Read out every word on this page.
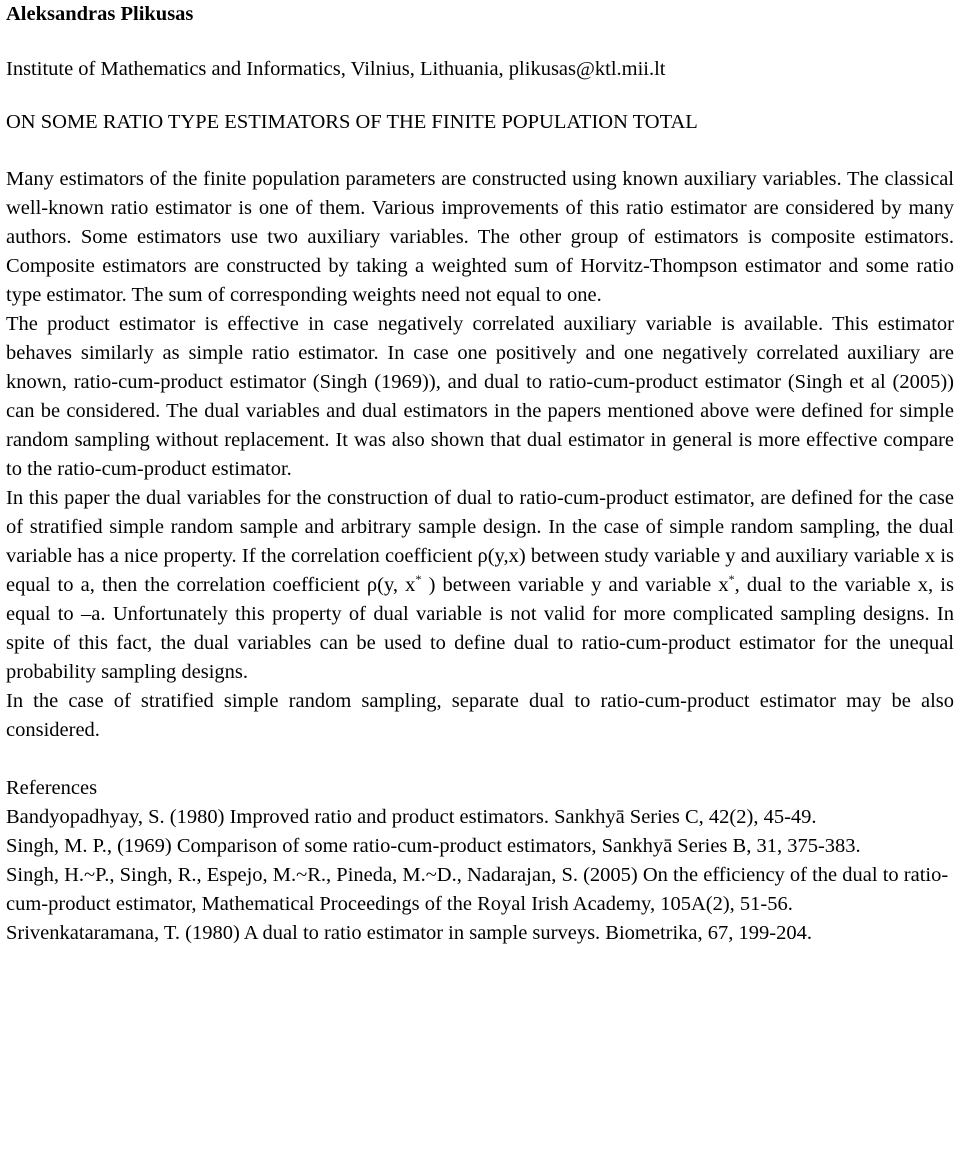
Aleksandras Plikusas
Institute of Mathematics and Informatics, Vilnius, Lithuania, plikusas@ktl.mii.lt
ON SOME RATIO TYPE ESTIMATORS OF THE FINITE POPULATION TOTAL

Many estimators of the finite population parameters are constructed using known auxiliary variables. The classical well-known ratio estimator is one of them. Various improvements of this ratio estimator are considered by many authors. Some estimators use two auxiliary variables. The other group of estimators is composite estimators. Composite estimators are constructed by taking a weighted sum of Horvitz-Thompson estimator and some ratio type estimator. The sum of corresponding weights need not equal to one.

The product estimator is effective in case negatively correlated auxiliary variable is available. This estimator behaves similarly as simple ratio estimator. In case one positively and one negatively correlated auxiliary are known, ratio-cum-product estimator (Singh (1969)), and dual to ratio-cum-product estimator (Singh et al (2005)) can be considered. The dual variables and dual estimators in the papers mentioned above were defined for simple random sampling without replacement. It was also shown that dual estimator in general is more effective compare to the ratio-cum-product estimator.

In this paper the dual variables for the construction of dual to ratio-cum-product estimator, are defined for the case of stratified simple random sample and arbitrary sample design. In the case of simple random sampling, the dual variable has a nice property. If the correlation coefficient ρ(y,x) between study variable y and auxiliary variable x is equal to a, then the correlation coefficient ρ(y, x* ) between variable y and variable x*, dual to the variable x, is equal to –a. Unfortunately this property of dual variable is not valid for more complicated sampling designs. In spite of this fact, the dual variables can be used to define dual to ratio-cum-product estimator for the unequal probability sampling designs.

In the case of stratified simple random sampling, separate dual to ratio-cum-product estimator may be also considered.

References

Bandyopadhyay, S. (1980) Improved ratio and product estimators. Sankhyā Series C, 42(2), 45-49.

Singh, M. P., (1969) Comparison of some ratio-cum-product estimators, Sankhyā Series B, 31, 375-383.

Singh, H.~P., Singh, R., Espejo, M.~R., Pineda, M.~D., Nadarajan, S. (2005) On the efficiency of the dual to ratio-cum-product estimator, Mathematical Proceedings of the Royal Irish Academy, 105A(2), 51-56.

Srivenkataramana, T. (1980) A dual to ratio estimator in sample surveys. Biometrika, 67, 199-204.
